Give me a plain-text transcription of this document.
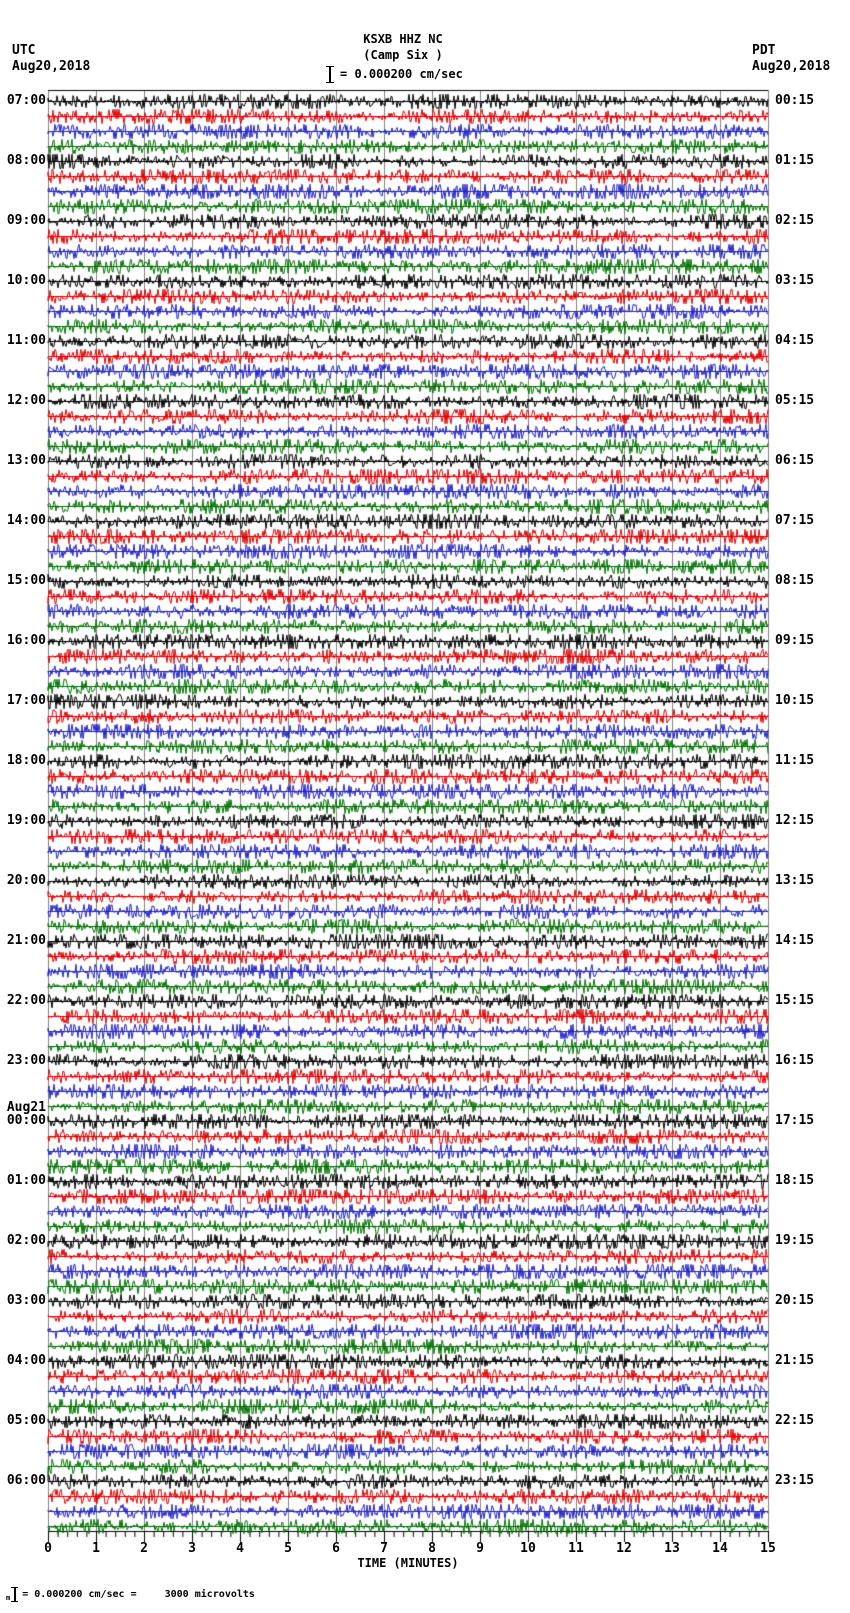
KSXB HHZ NC
(Camp Six )
UTC
Aug20,2018
PDT
Aug20,2018
= 0.000200 cm/sec
07:00	00:15
08:00	01:15
09:00	02:15
10:00	03:15
11:00	04:15
12:00	05:15
13:00	06:15
14:00	07:15
15:00	08:15
16:00	09:15
17:00	10:15
18:00	11:15
19:00	12:15
20:00	13:15
21:00	14:15
22:00	15:15
23:00	16:15
Aug21
00:00	17:15
01:00	18:15
02:00	19:15
03:00	20:15
04:00	21:15
05:00	22:15
06:00	23:15
0	1	2	3	4	5	6	7	8	9	10	11	12	13	14	15
TIME (MINUTES)
$_m$ = 0.000200 cm/sec =	3000 microvolts
